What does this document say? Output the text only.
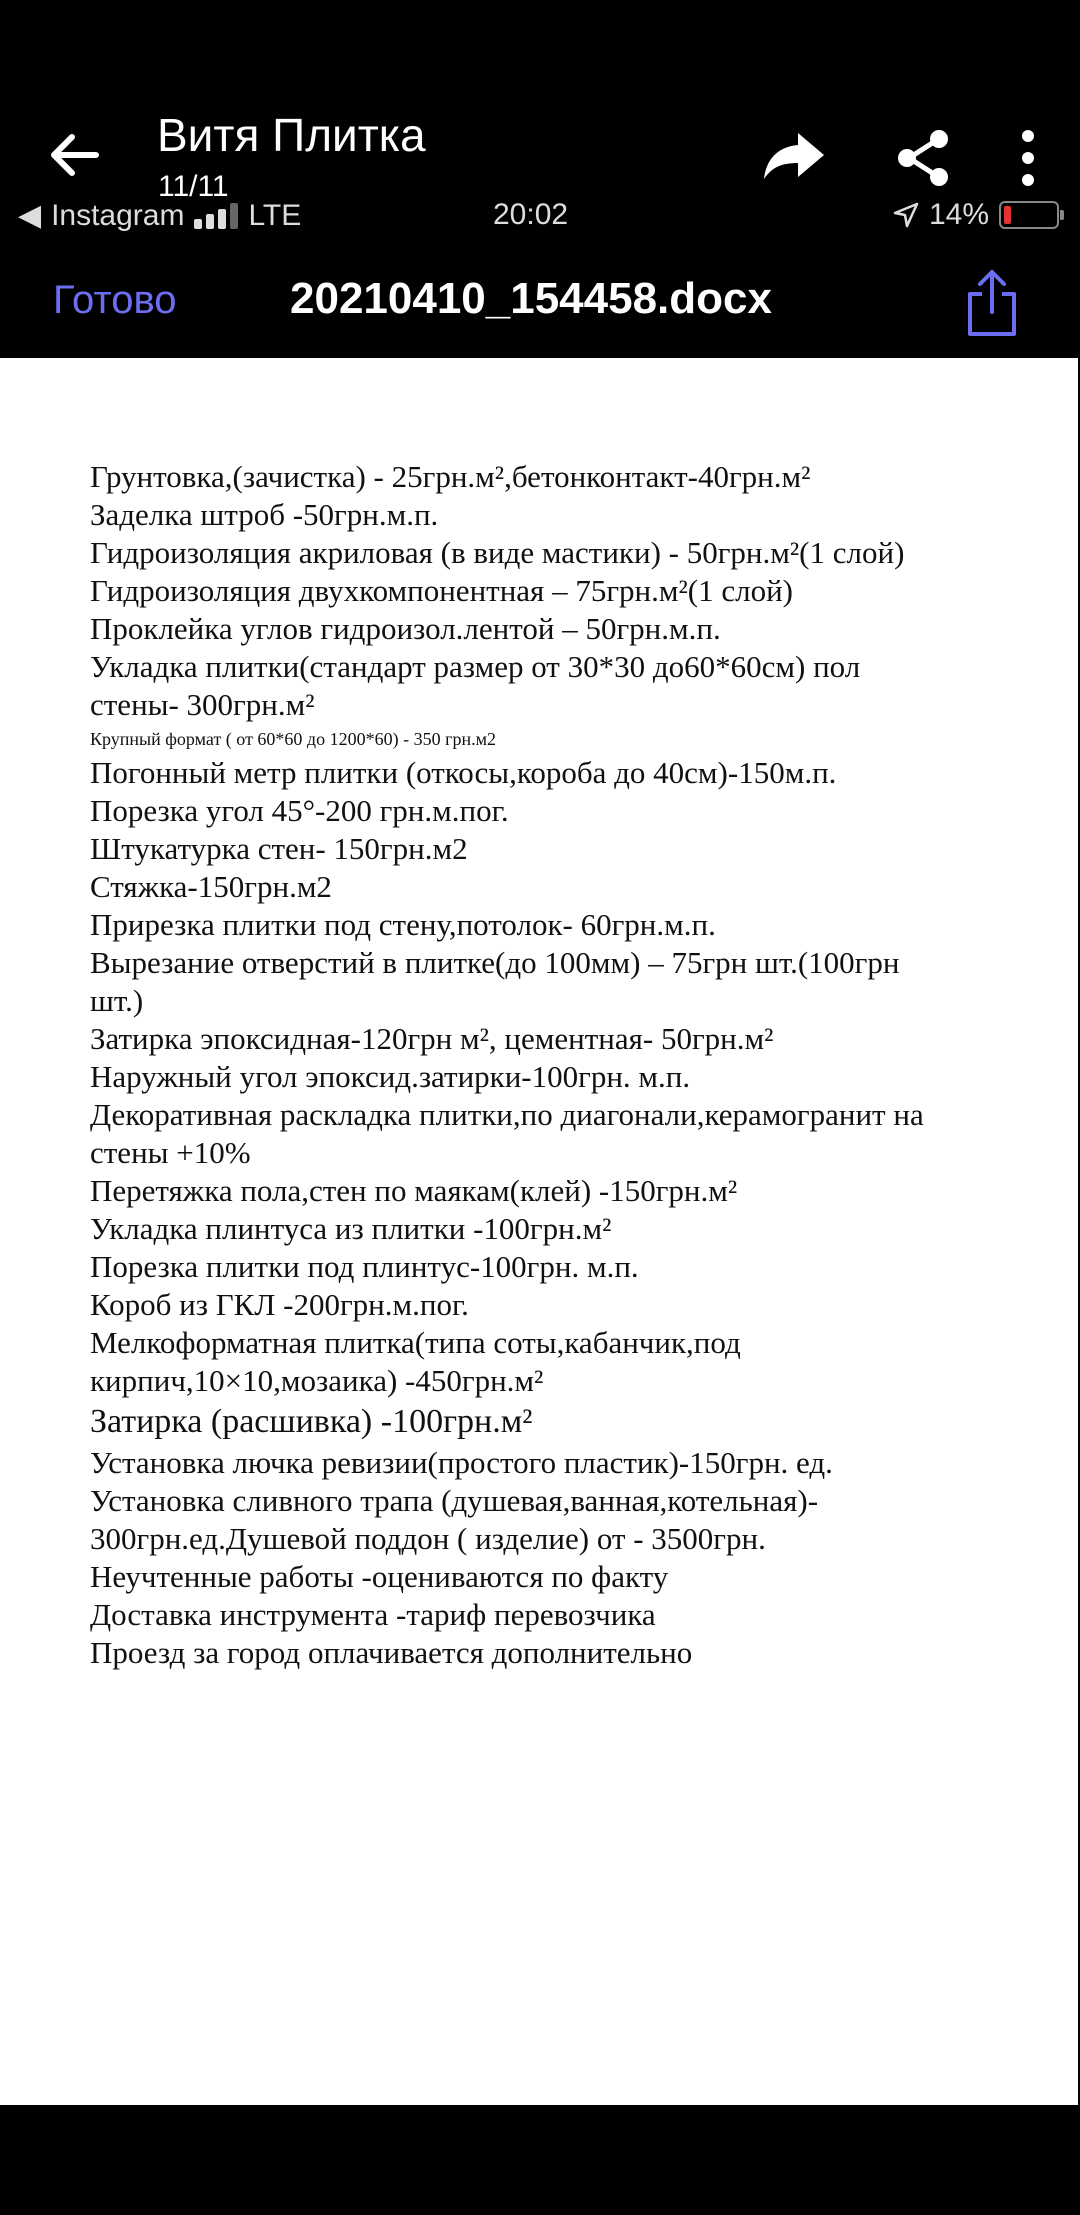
Витя Плитка
11/11
◀ Instagram LTE	20:02	14%
Готово	20210410_154458.docx
Грунтовка,(зачистка) - 25грн.м²,бетонконтакт-40грн.м²
Заделка штроб -50грн.м.п.
Гидроизоляция акриловая (в виде мастики) - 50грн.м²(1 слой)
Гидроизоляция двухкомпонентная – 75грн.м²(1 слой)
Проклейка углов гидроизол.лентой – 50грн.м.п.
Укладка плитки(стандарт размер от 30*30 до60*60см) пол
стены- 300грн.м²
Крупный формат ( от 60*60 до 1200*60) - 350 грн.м2
Погонный метр плитки (откосы,короба до 40см)-150м.п.
Порезка угол 45°-200 грн.м.пог.
Штукатурка стен- 150грн.м2
Стяжка-150грн.м2
Прирезка плитки под стену,потолок- 60грн.м.п.
Вырезание отверстий в плитке(до 100мм) – 75грн шт.(100грн
шт.)
Затирка эпоксидная-120грн м², цементная- 50грн.м²
Наружный угол эпоксид.затирки-100грн. м.п.
Декоративная раскладка плитки,по диагонали,керамогранит на
стены +10%
Перетяжка пола,стен по маякам(клей) -150грн.м²
Укладка плинтуса из плитки -100грн.м²
Порезка плитки под плинтус-100грн. м.п.
Короб из ГКЛ -200грн.м.пог.
Мелкоформатная плитка(типа соты,кабанчик,под
кирпич,10×10,мозаика) -450грн.м²
Затирка (расшивка) -100грн.м²
Установка лючка ревизии(простого пластик)-150грн. ед.
Установка сливного трапа (душевая,ванная,котельная)-
300грн.ед.Душевой поддон ( изделие) от - 3500грн.
Неучтенные работы -оцениваются по факту
Доставка инструмента -тариф перевозчика
Проезд за город оплачивается дополнительно
